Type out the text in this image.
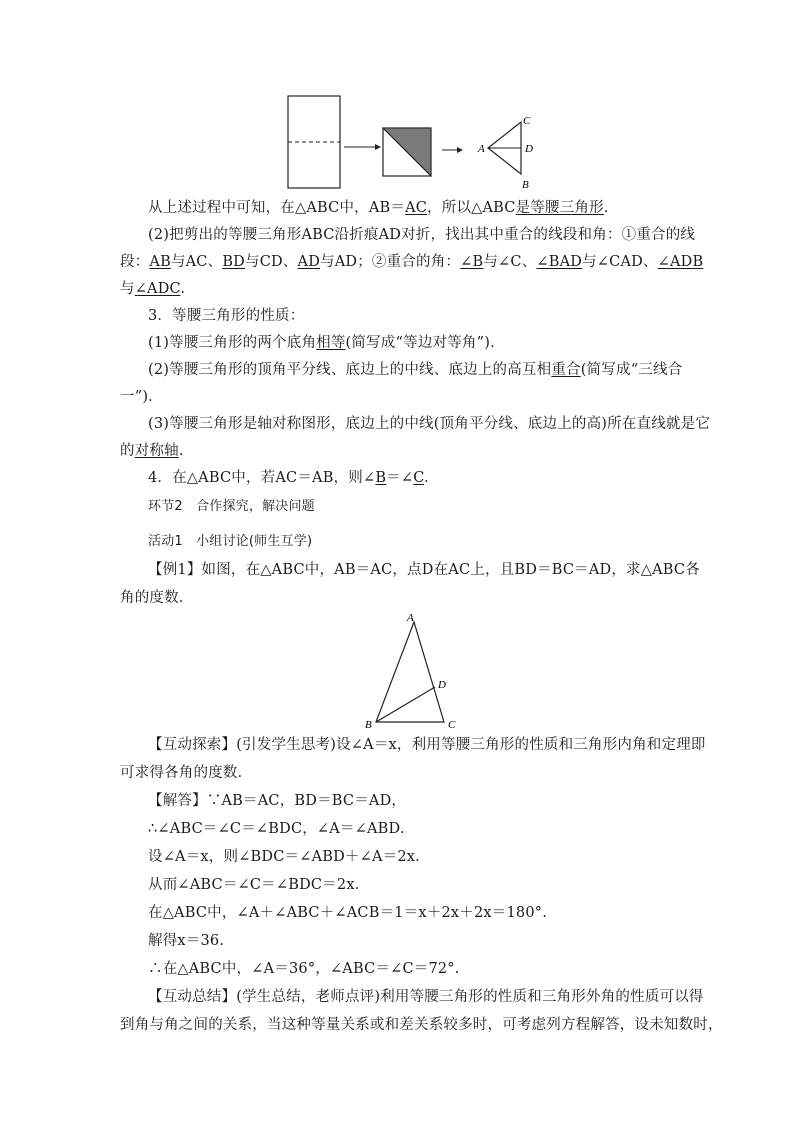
A
C
D
B
从上述过程中可知，在△ABC中，AB＝AC，所以△ABC是等腰三角形.
(2)把剪出的等腰三角形ABC沿折痕AD对折，找出其中重合的线段和角：①重合的线
段：AB与AC、BD与CD、AD与AD；②重合的角：∠B与∠C、∠BAD与∠CAD、∠ADB
与∠ADC.
3．等腰三角形的性质：
(1)等腰三角形的两个底角相等(简写成“等边对等角”)．
(2)等腰三角形的顶角平分线、底边上的中线、底边上的高互相重合(简写成“三线合
一”)．
(3)等腰三角形是轴对称图形，底边上的中线(顶角平分线、底边上的高)所在直线就是它
的对称轴.
4．在△ABC中，若AC＝AB，则∠B＝∠C.
环节2　合作探究，解决问题
活动1　小组讨论(师生互学)
【例1】如图，在△ABC中，AB＝AC，点D在AC上，且BD＝BC＝AD，求△ABC各
角的度数．
A
D
B	C
【互动探索】(引发学生思考)设∠A＝x，利用等腰三角形的性质和三角形内角和定理即
可求得各角的度数．
【解答】∵AB＝AC，BD＝BC＝AD，
∴∠ABC＝∠C＝∠BDC，∠A＝∠ABD.
设∠A＝x，则∠BDC＝∠ABD＋∠A＝2x.
从而∠ABC＝∠C＝∠BDC＝2x.
在△ABC中，∠A＋∠ABC＋∠ACB＝1＝x＋2x＋2x＝180°.
解得x＝36.
∴在△ABC中，∠A＝36°，∠ABC＝∠C＝72°.
【互动总结】(学生总结，老师点评)利用等腰三角形的性质和三角形外角的性质可以得
到角与角之间的关系，当这种等量关系或和差关系较多时，可考虑列方程解答，设未知数时，
